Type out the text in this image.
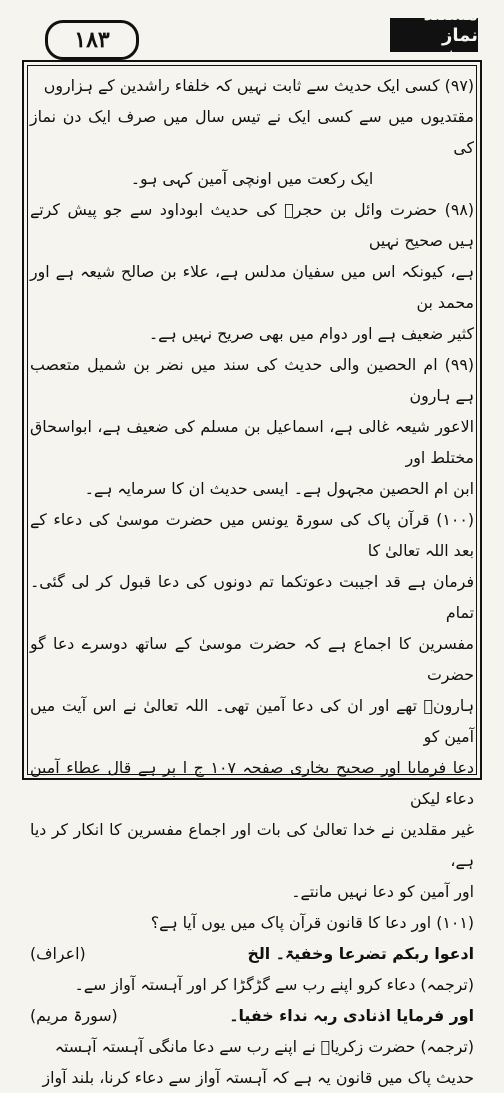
١٨٣
مستند نماز حنفی

(٩٧) کسی ایک حدیث سے ثابت نہیں کہ خلفاء راشدین کے ہزاروں

مقتدیوں میں سے کسی ایک نے تیس سال میں صرف ایک دن نماز کی

ایک رکعت میں اونچی آمین کہی ہو۔

(٩٨) حضرت وائل بن حجرؓ کی حدیث ابوداود سے جو پیش کرتے ہیں صحیح نہیں

ہے، کیونکہ اس میں سفیان مدلس ہے، علاء بن صالح شیعہ ہے اور محمد بن

کثیر ضعیف ہے اور دوام میں بھی صریح نہیں ہے۔

(٩٩) ام الحصین والی حدیث کی سند میں نضر بن شمیل متعصب ہے ہارون

الاعور شیعہ غالی ہے، اسماعیل بن مسلم کی ضعیف ہے، ابواسحاق مختلط اور

ابن ام الحصین مجہول ہے۔ ایسی حدیث ان کا سرمایہ ہے۔

(١٠٠) قرآن پاک کی سورۃ یونس میں حضرت موسیٰ کی دعاء کے بعد اللہ تعالیٰ کا

فرمان ہے قد اجیبت دعوتکما تم دونوں کی دعا قبول کر لی گئی۔ تمام

مفسرین کا اجماع ہے کہ حضرت موسیٰ کے ساتھ دوسرے دعا گو حضرت

ہارونؑ تھے اور ان کی دعا آمین تھی۔ اللہ تعالیٰ نے اس آیت میں آمین کو

دعا فرمایا اور صحیح بخاری صفحہ ١٠٧ ج ا پر ہے قال عطاء آمین دعاء لیکن

غیر مقلدین نے خدا تعالیٰ کی بات اور اجماع مفسرین کا انکار کر دیا ہے،

اور آمین کو دعا نہیں مانتے۔

(١٠١) اور دعا کا قانون قرآن پاک میں یوں آیا ہے؟

ادعوا ربکم تضرعا وخفیۃ۔ الخ
(اعراف)

(ترجمہ) دعاء کرو اپنے رب سے گڑگڑا کر اور آہستہ آواز سے۔

اور فرمایا اذنادی ربہ نداء خفیا۔
(سورۃ مریم)

(ترجمہ) حضرت زکریاؑ نے اپنے رب سے دعا مانگی آہستہ آہستہ

حدیث پاک میں قانون یہ ہے کہ آہستہ آواز سے دعاء کرنا، بلند آواز
